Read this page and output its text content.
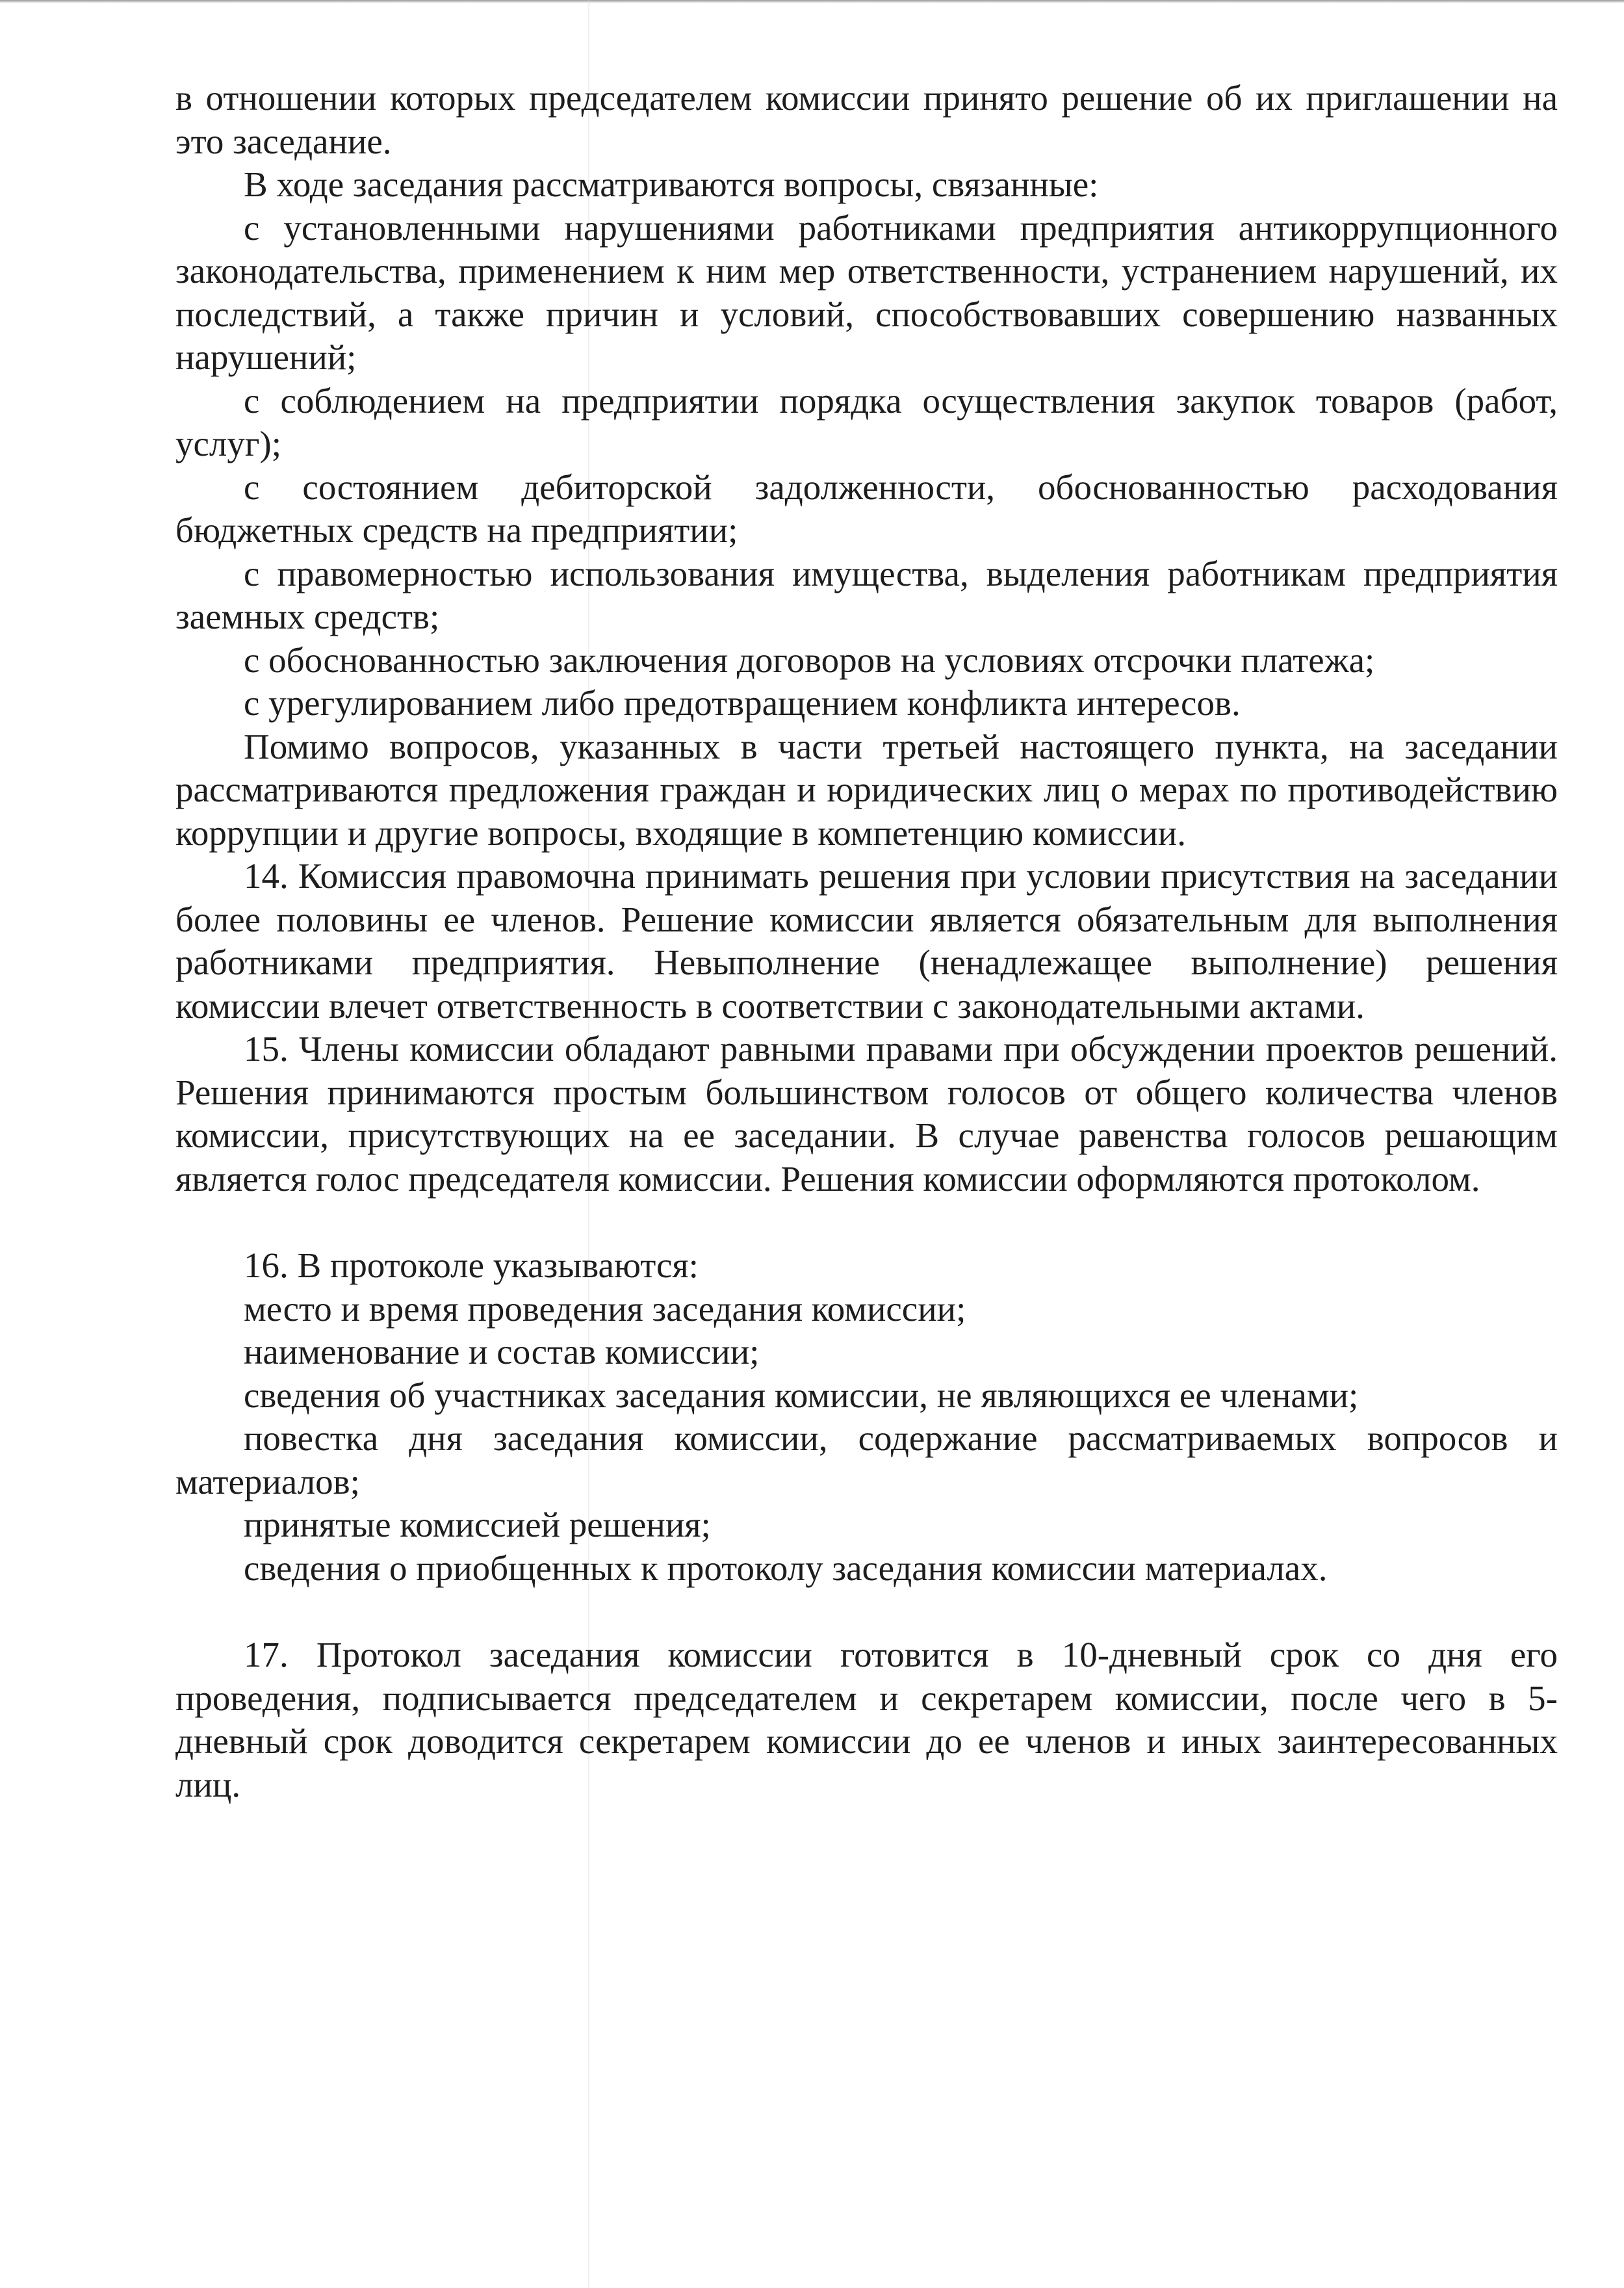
в отношении которых председателем комиссии принято решение об их приглашении на это заседание.

В ходе заседания рассматриваются вопросы, связанные:

с установленными нарушениями работниками предприятия антикоррупционного законодательства, применением к ним мер ответственности, устранением нарушений, их последствий, а также причин и условий, способствовавших совершению названных нарушений;

с соблюдением на предприятии порядка осуществления закупок товаров (работ, услуг);

с состоянием дебиторской задолженности, обоснованностью расходования бюджетных средств на предприятии;

с правомерностью использования имущества, выделения работникам предприятия заемных средств;

с обоснованностью заключения договоров на условиях отсрочки платежа;

с урегулированием либо предотвращением конфликта интересов.

Помимо вопросов, указанных в части третьей настоящего пункта, на заседании рассматриваются предложения граждан и юридических лиц о мерах по противодействию коррупции и другие вопросы, входящие в компетенцию комиссии.

14. Комиссия правомочна принимать решения при условии присутствия на заседании более половины ее членов. Решение комиссии является обязательным для выполнения работниками предприятия. Невыполнение (ненадлежащее выполнение) решения комиссии влечет ответственность в соответствии с законодательными актами.

15. Члены комиссии обладают равными правами при обсуждении проектов решений. Решения принимаются простым большинством голосов от общего количества членов комиссии, присутствующих на ее заседании. В случае равенства голосов решающим является голос председателя комиссии. Решения комиссии оформляются протоколом.

16. В протоколе указываются:

место и время проведения заседания комиссии;

наименование и состав комиссии;

сведения об участниках заседания комиссии, не являющихся ее членами;

повестка дня заседания комиссии, содержание рассматриваемых вопросов и материалов;

принятые комиссией решения;

сведения о приобщенных к протоколу заседания комиссии материалах.

17. Протокол заседания комиссии готовится в 10-дневный срок со дня его проведения, подписывается председателем и секретарем комиссии, после чего в 5-дневный срок доводится секретарем комиссии до ее членов и иных заинтересованных лиц.
